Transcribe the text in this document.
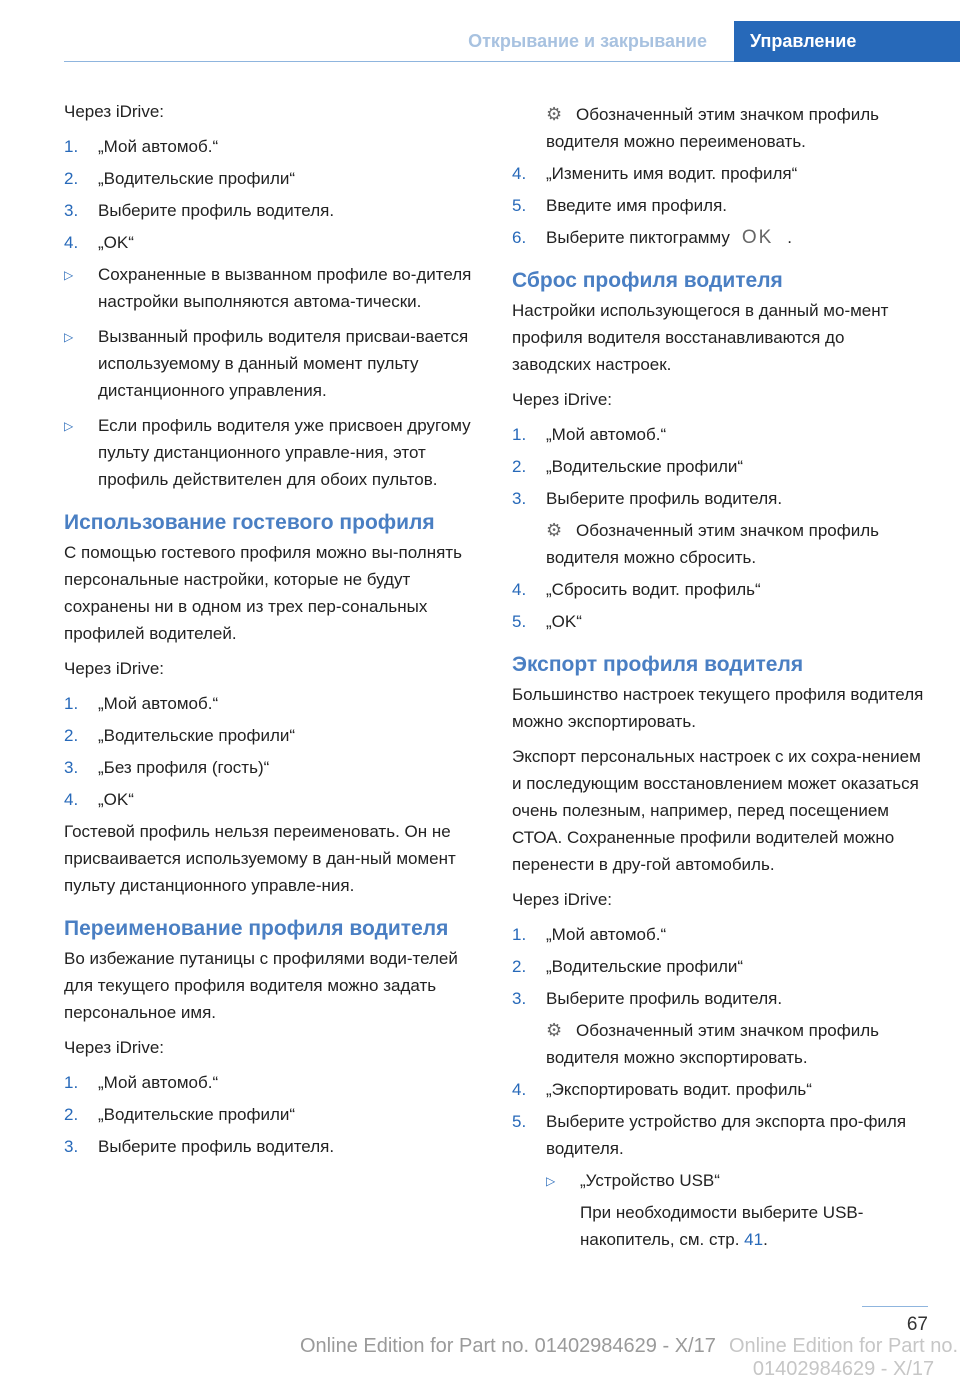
Открывание и закрывание	Управление

Через iDrive:

1. „Мой автомоб.“
2. „Водительские профили“
3. Выберите профиль водителя.
4. „OK“
▷ Сохраненные в вызванном профиле во-дителя настройки выполняются автома-тически.
▷ Вызванный профиль водителя присваи-вается используемому в данный момент пульту дистанционного управления.
▷ Если профиль водителя уже присвоен другому пульту дистанционного управле-ния, этот профиль действителен для обоих пультов.
Использование гостевого профиля

С помощью гостевого профиля можно вы-полнять персональные настройки, которые не будут сохранены ни в одном из трех пер-сональных профилей водителей.

Через iDrive:

1. „Мой автомоб.“
2. „Водительские профили“
3. „Без профиля (гость)“
4. „OK“

Гостевой профиль нельзя переименовать. Он не присваивается используемому в дан-ный момент пульту дистанционного управле-ния.

Переименование профиля водителя

Во избежание путаницы с профилями води-телей для текущего профиля водителя можно задать персональное имя.

Через iDrive:

1. „Мой автомоб.“
2. „Водительские профили“
3. Выберите профиль водителя.
⚙ Обозначенный этим значком профиль водителя можно переименовать.
4. „Изменить имя водит. профиля“
5. Введите имя профиля.
6. Выберите пиктограмму OK .
Сброс профиля водителя

Настройки использующегося в данный мо-мент профиля водителя восстанавливаются до заводских настроек.

Через iDrive:

1. „Мой автомоб.“
2. „Водительские профили“
3. Выберите профиль водителя.
⚙ Обозначенный этим значком профиль водителя можно сбросить.
4. „Сбросить водит. профиль“
5. „OK“
Экспорт профиля водителя

Большинство настроек текущего профиля водителя можно экспортировать.

Экспорт персональных настроек с их сохра-нением и последующим восстановлением может оказаться очень полезным, например, перед посещением СТОА. Сохраненные профили водителей можно перенести в дру-гой автомобиль.

Через iDrive:

1. „Мой автомоб.“
2. „Водительские профили“
3. Выберите профиль водителя.
⚙ Обозначенный этим значком профиль водителя можно экспортировать.
4. „Экспортировать водит. профиль“
5. Выберите устройство для экспорта про-филя водителя.
▷ „Устройство USB“
При необходимости выберите USB-накопитель, см. стр. 41.
67
Online Edition for Part no. 01402984629 - X/17 Online Edition for Part no. 01402984629 - X/17
